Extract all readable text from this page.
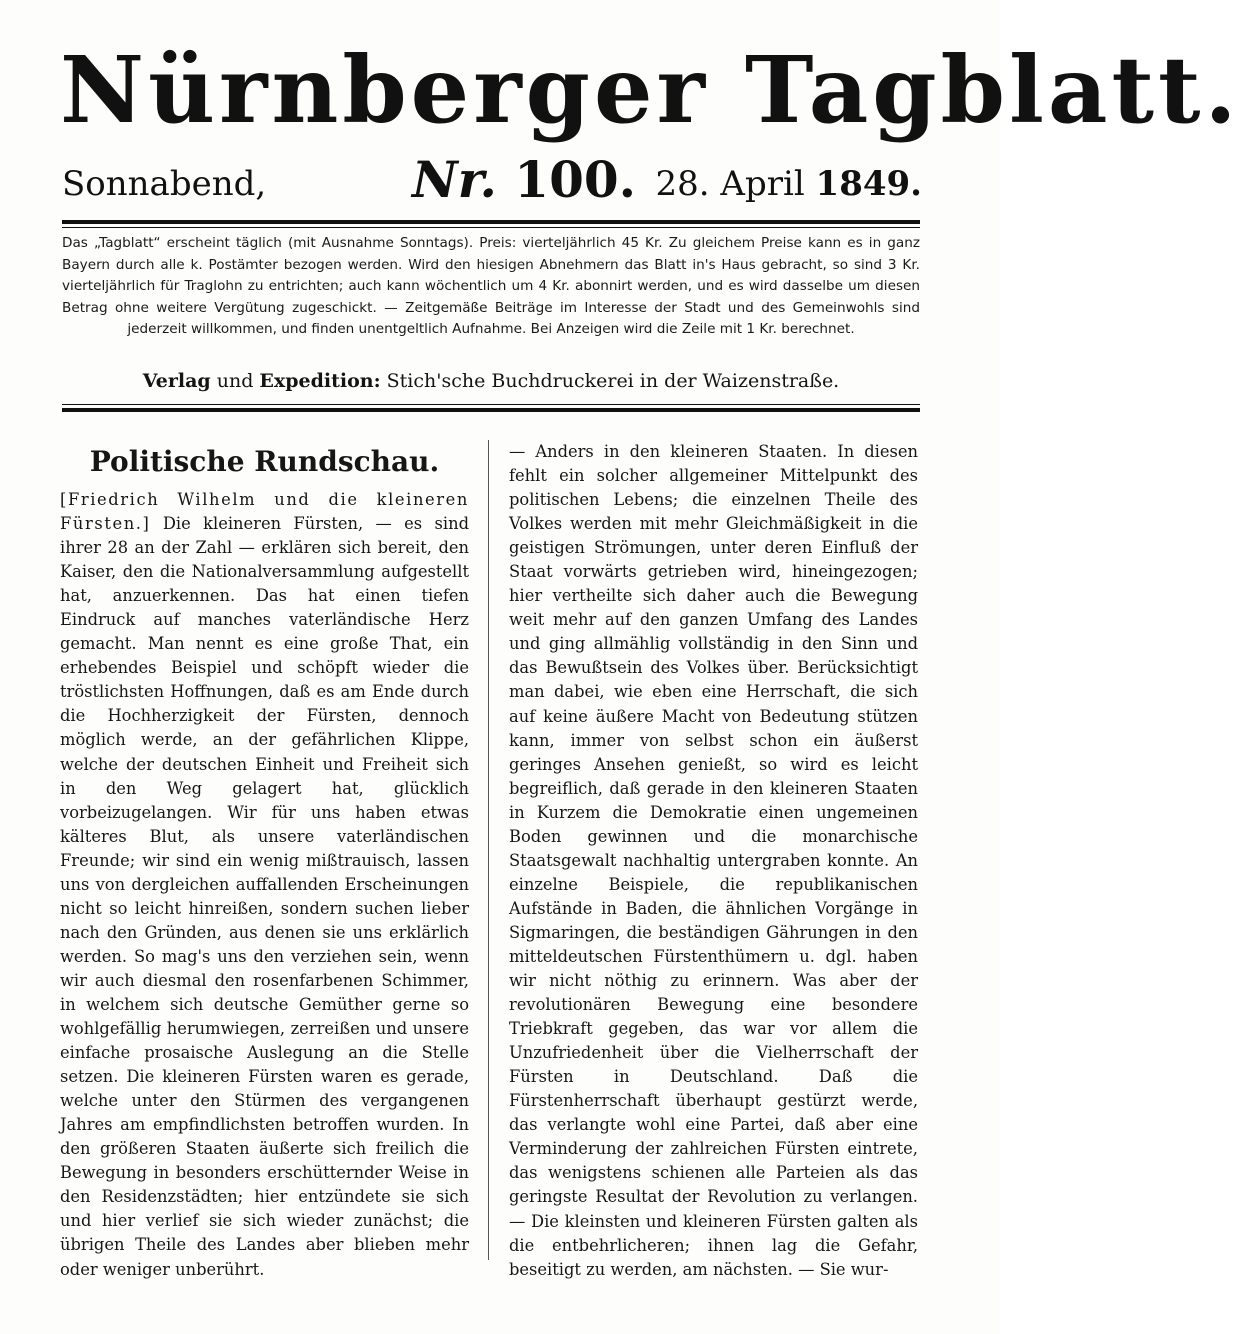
Nürnberger Tagblatt.
Sonnabend,	Nr. 100. 28. April 1849.
Das „Tagblatt“ erscheint täglich (mit Ausnahme Sonntags). Preis: vierteljährlich 45 Kr. Zu gleichem Preise kann es in ganz Bayern durch alle k. Postämter bezogen werden. Wird den hiesigen Abnehmern das Blatt in's Haus gebracht, so sind 3 Kr. vierteljährlich für Traglohn zu entrichten; auch kann wöchentlich um 4 Kr. abonnirt werden, und es wird dasselbe um diesen Betrag ohne weitere Vergütung zugeschickt. — Zeitgemäße Beiträge im Interesse der Stadt und des Gemeinwohls sind jederzeit willkommen, und finden unentgeltlich Aufnahme. Bei Anzeigen wird die Zeile mit 1 Kr. berechnet.
Verlag und Expedition: Stich'sche Buchdruckerei in der Waizenstraße.
Politische Rundschau.

[Friedrich Wilhelm und die kleineren Fürsten.] Die kleineren Fürsten, — es sind ihrer 28 an der Zahl — erklären sich bereit, den Kaiser, den die Nationalversammlung aufgestellt hat, anzuerkennen. Das hat einen tiefen Eindruck auf manches vaterländische Herz gemacht. Man nennt es eine große That, ein erhebendes Beispiel und schöpft wieder die tröstlichsten Hoffnungen, daß es am Ende durch die Hochherzigkeit der Fürsten, dennoch möglich werde, an der gefährlichen Klippe, welche der deutschen Einheit und Freiheit sich in den Weg gelagert hat, glücklich vorbeizugelangen. Wir für uns haben etwas kälteres Blut, als unsere vaterländischen Freunde; wir sind ein wenig mißtrauisch, lassen uns von dergleichen auffallenden Erscheinungen nicht so leicht hinreißen, sondern suchen lieber nach den Gründen, aus denen sie uns erklärlich werden. So mag's uns den verziehen sein, wenn wir auch diesmal den rosenfarbenen Schimmer, in welchem sich deutsche Gemüther gerne so wohlgefällig herumwiegen, zerreißen und unsere einfache prosaische Auslegung an die Stelle setzen. Die kleineren Fürsten waren es gerade, welche unter den Stürmen des vergangenen Jahres am empfindlichsten betroffen wurden. In den größeren Staaten äußerte sich freilich die Bewegung in besonders erschütternder Weise in den Residenzstädten; hier entzündete sie sich und hier verlief sie sich wieder zunächst; die übrigen Theile des Landes aber blieben mehr oder weniger unberührt.

— Anders in den kleineren Staaten. In diesen fehlt ein solcher allgemeiner Mittelpunkt des politischen Lebens; die einzelnen Theile des Volkes werden mit mehr Gleichmäßigkeit in die geistigen Strömungen, unter deren Einfluß der Staat vorwärts getrieben wird, hineingezogen; hier vertheilte sich daher auch die Bewegung weit mehr auf den ganzen Umfang des Landes und ging allmählig vollständig in den Sinn und das Bewußtsein des Volkes über. Berücksichtigt man dabei, wie eben eine Herrschaft, die sich auf keine äußere Macht von Bedeutung stützen kann, immer von selbst schon ein äußerst geringes Ansehen genießt, so wird es leicht begreiflich, daß gerade in den kleineren Staaten in Kurzem die Demokratie einen ungemeinen Boden gewinnen und die monarchische Staatsgewalt nachhaltig untergraben konnte. An einzelne Beispiele, die republikanischen Aufstände in Baden, die ähnlichen Vorgänge in Sigmaringen, die beständigen Gährungen in den mitteldeutschen Fürstenthümern u. dgl. haben wir nicht nöthig zu erinnern. Was aber der revolutionären Bewegung eine besondere Triebkraft gegeben, das war vor allem die Unzufriedenheit über die Vielherrschaft der Fürsten in Deutschland. Daß die Fürstenherrschaft überhaupt gestürzt werde, das verlangte wohl eine Partei, daß aber eine Verminderung der zahlreichen Fürsten eintrete, das wenigstens schienen alle Parteien als das geringste Resultat der Revolution zu verlangen. — Die kleinsten und kleineren Fürsten galten als die entbehrlicheren; ihnen lag die Gefahr, beseitigt zu werden, am nächsten. — Sie wur-
